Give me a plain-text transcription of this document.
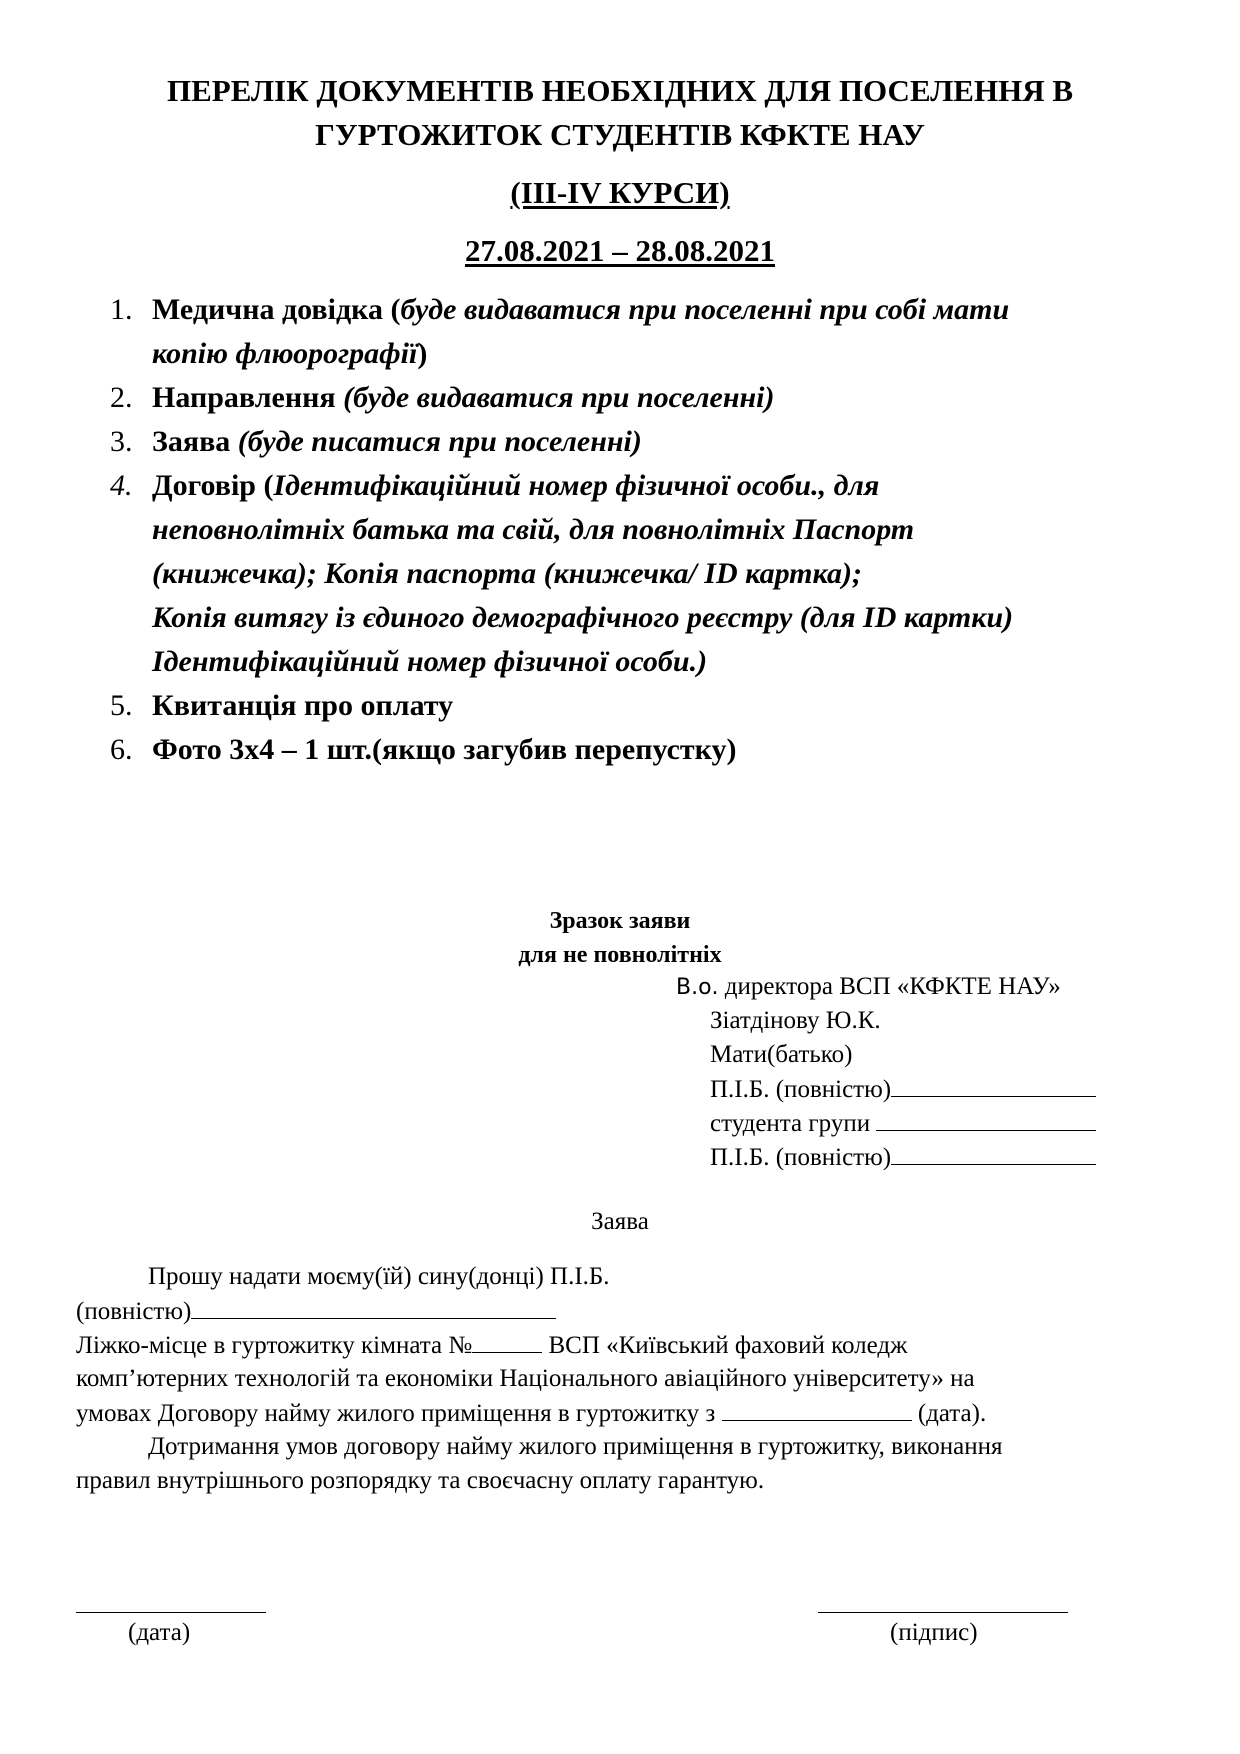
ПЕРЕЛІК ДОКУМЕНТІВ НЕОБХІДНИХ ДЛЯ ПОСЕЛЕННЯ В
ГУРТОЖИТОК СТУДЕНТІВ КФКТЕ НАУ
(III-IV КУРСИ)
27.08.2021 – 28.08.2021
1. Медична довідка (буде видаватися при поселенні при собі мати
копію флюорографії)
2. Направлення (буде видаватися при поселенні)
3. Заява (буде писатися при поселенні)
4. Договір (Ідентифікаційний номер фізичної особи., для
неповнолітніх батька та свій, для повнолітніх Паспорт
(книжечка); Копія паспорта (книжечка/ ID картка);
Копія витягу із єдиного демографічного реєстру (для ID картки)
Ідентифікаційний номер фізичної особи.)
5. Квитанція про оплату
6. Фото 3х4 – 1 шт.(якщо загубив перепустку)
Зразок заяви
для не повнолітніх
В.о. директора ВСП «КФКТЕ НАУ»
Зіатдінову Ю.К.
Мати(батько)
П.І.Б. (повністю)
студента групи
П.І.Б. (повністю)
Заява
Прошу надати моєму(їй) сину(донці) П.І.Б.
(повністю)
Ліжко-місце в гуртожитку кімната №	ВСП «Київський фаховий коледж
комп’ютерних технологій та економіки Національного авіаційного університету» на
умовах Договору найму жилого приміщення в гуртожитку з	(дата).
Дотримання умов договору найму жилого приміщення в гуртожитку, виконання
правил внутрішнього розпорядку та своєчасну оплату гарантую.
(дата)	(підпис)
